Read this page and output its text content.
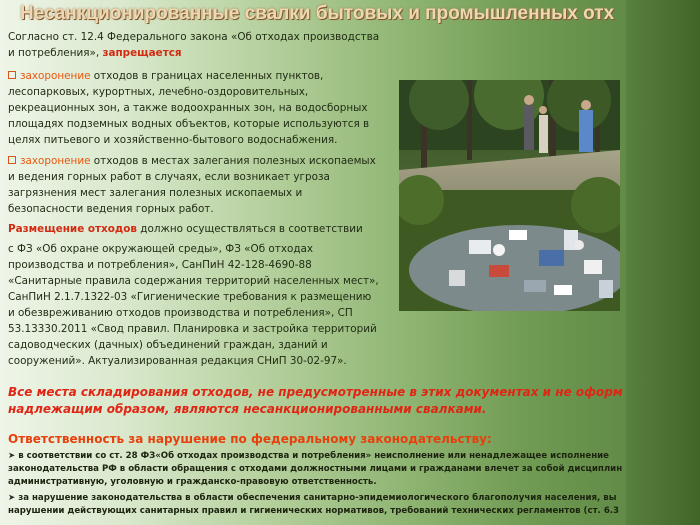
Несанкционированные свалки бытовых и промышленных отх
Согласно ст. 12.4 Федерального закона «Об отходах производства
и потребления», запрещается
захоронение отходов в границах населенных пунктов,
лесопарковых, курортных, лечебно-оздоровительных,
рекреационных зон, а также водоохранных зон, на водосборных
площадях подземных водных объектов, которые используются в
целях питьевого и хозяйственно-бытового водоснабжения.
захоронение отходов в местах залегания полезных ископаемых
и ведения горных работ в случаях, если возникает угроза
загрязнения мест залегания полезных ископаемых и
безопасности ведения горных работ.
Размещение отходов должно осуществляться в соответствии
с ФЗ «Об охране окружающей среды», ФЗ «Об отходах
производства и потребления», СанПиН 42-128-4690-88
«Санитарные правила содержания территорий населенных мест»,
СанПиН 2.1.7.1322-03 «Гигиенические требования к размещению
и обезвреживанию отходов производства и потребления», СП
53.13330.2011 «Свод правил. Планировка и застройка территорий
садоводческих (дачных) объединений граждан, зданий и
сооружений». Актуализированная редакция СНиП 30-02-97».
Все места складирования отходов, не предусмотренные в этих документах и не оформ
надлежащим образом, являются несанкционированными свалками.
Ответственность за нарушение по федеральному законодательству:
➤ в соответствии со ст. 28 ФЗ«Об отходах производства и потребления» неисполнение или ненадлежащее исполнение
законодательства РФ в области обращения с отходами должностными лицами и гражданами влечет за собой дисциплин
административную, уголовную и гражданско-правовую ответственность.
➤ за нарушение законодательства в области обеспечения санитарно-эпидемиологического благополучия населения, вы
нарушении действующих санитарных правил и гигиенических нормативов, требований технических регламентов (ст. 6.3
